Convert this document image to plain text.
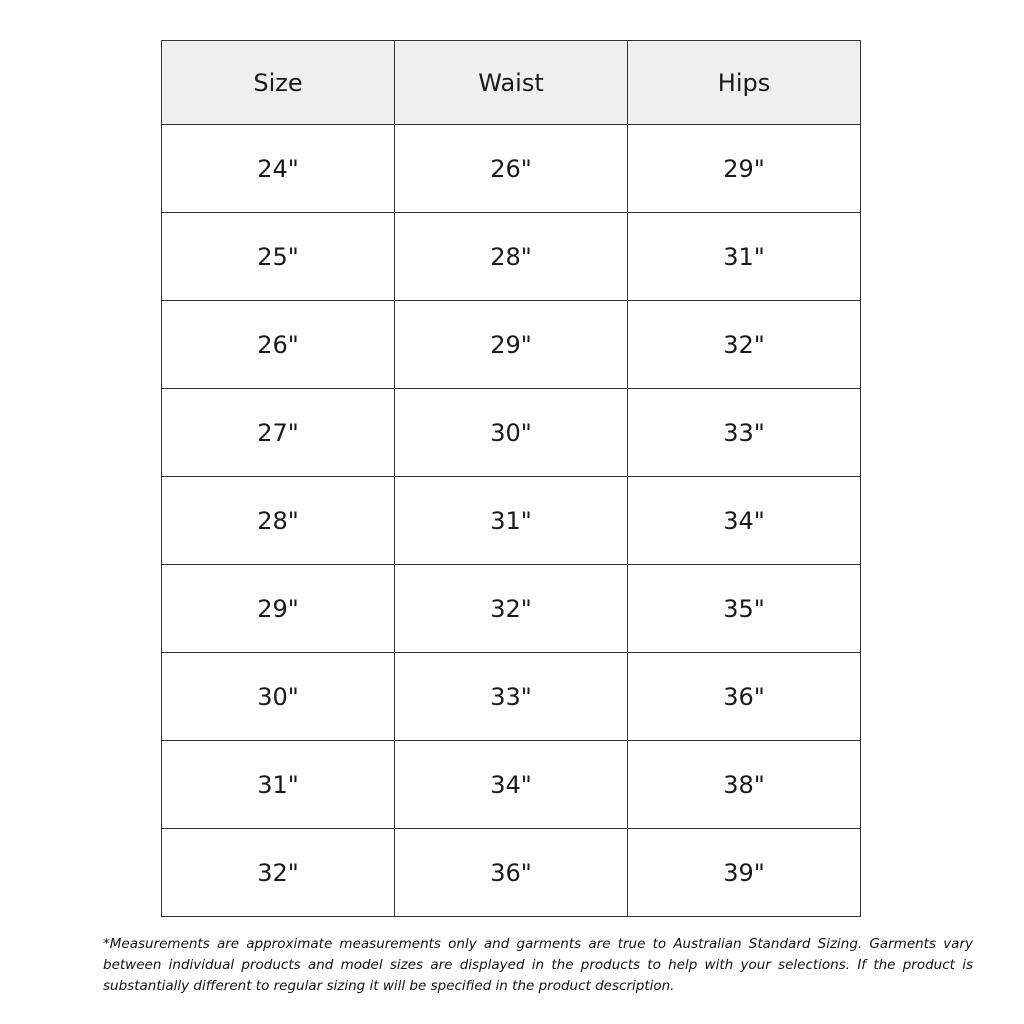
Size	Waist	Hips
24"	26"	29"
25"	28"	31"
26"	29"	32"
27"	30"	33"
28"	31"	34"
29"	32"	35"
30"	33"	36"
31"	34"	38"
32"	36"	39"

*Measurements are approximate measurements only and garments are true to Australian Standard Sizing. Garments vary between individual products and model sizes are displayed in the products to help with your selections. If the product is substantially different to regular sizing it will be specified in the product description.
